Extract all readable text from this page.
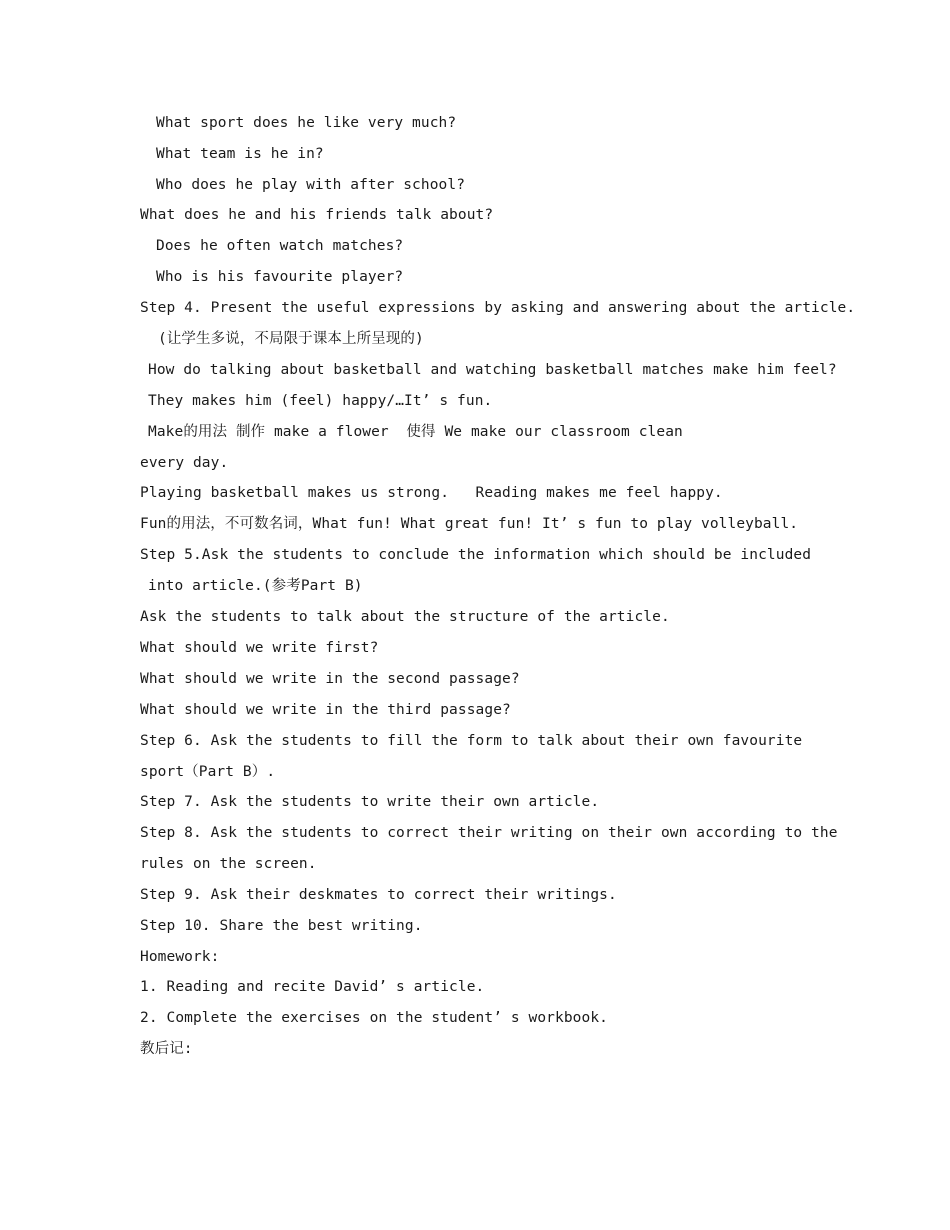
What sport does he like very much?
What team is he in?
Who does he play with after school?
What does he and his friends talk about?
Does he often watch matches?
Who is his favourite player?
Step 4. Present the useful expressions by asking and answering about the article.
(让学生多说，不局限于课本上所呈现的)
How do talking about basketball and watching basketball matches make him feel?
They makes him (feel) happy/…It’ s fun.
Make的用法 制作 make a flower  使得 We make our classroom clean
every day.
Playing basketball makes us strong.   Reading makes me feel happy.
Fun的用法，不可数名词，What fun! What great fun! It’ s fun to play volleyball.
Step 5.Ask the students to conclude the information which should be included
into article.(参考Part B)
Ask the students to talk about the structure of the article.
What should we write first?
What should we write in the second passage?
What should we write in the third passage?
Step 6. Ask the students to fill the form to talk about their own favourite
sport（Part B）.
Step 7. Ask the students to write their own article.
Step 8. Ask the students to correct their writing on their own according to the
rules on the screen.
Step 9. Ask their deskmates to correct their writings.
Step 10. Share the best writing.
Homework:
1. Reading and recite David’ s article.
2. Complete the exercises on the student’ s workbook.
教后记:
